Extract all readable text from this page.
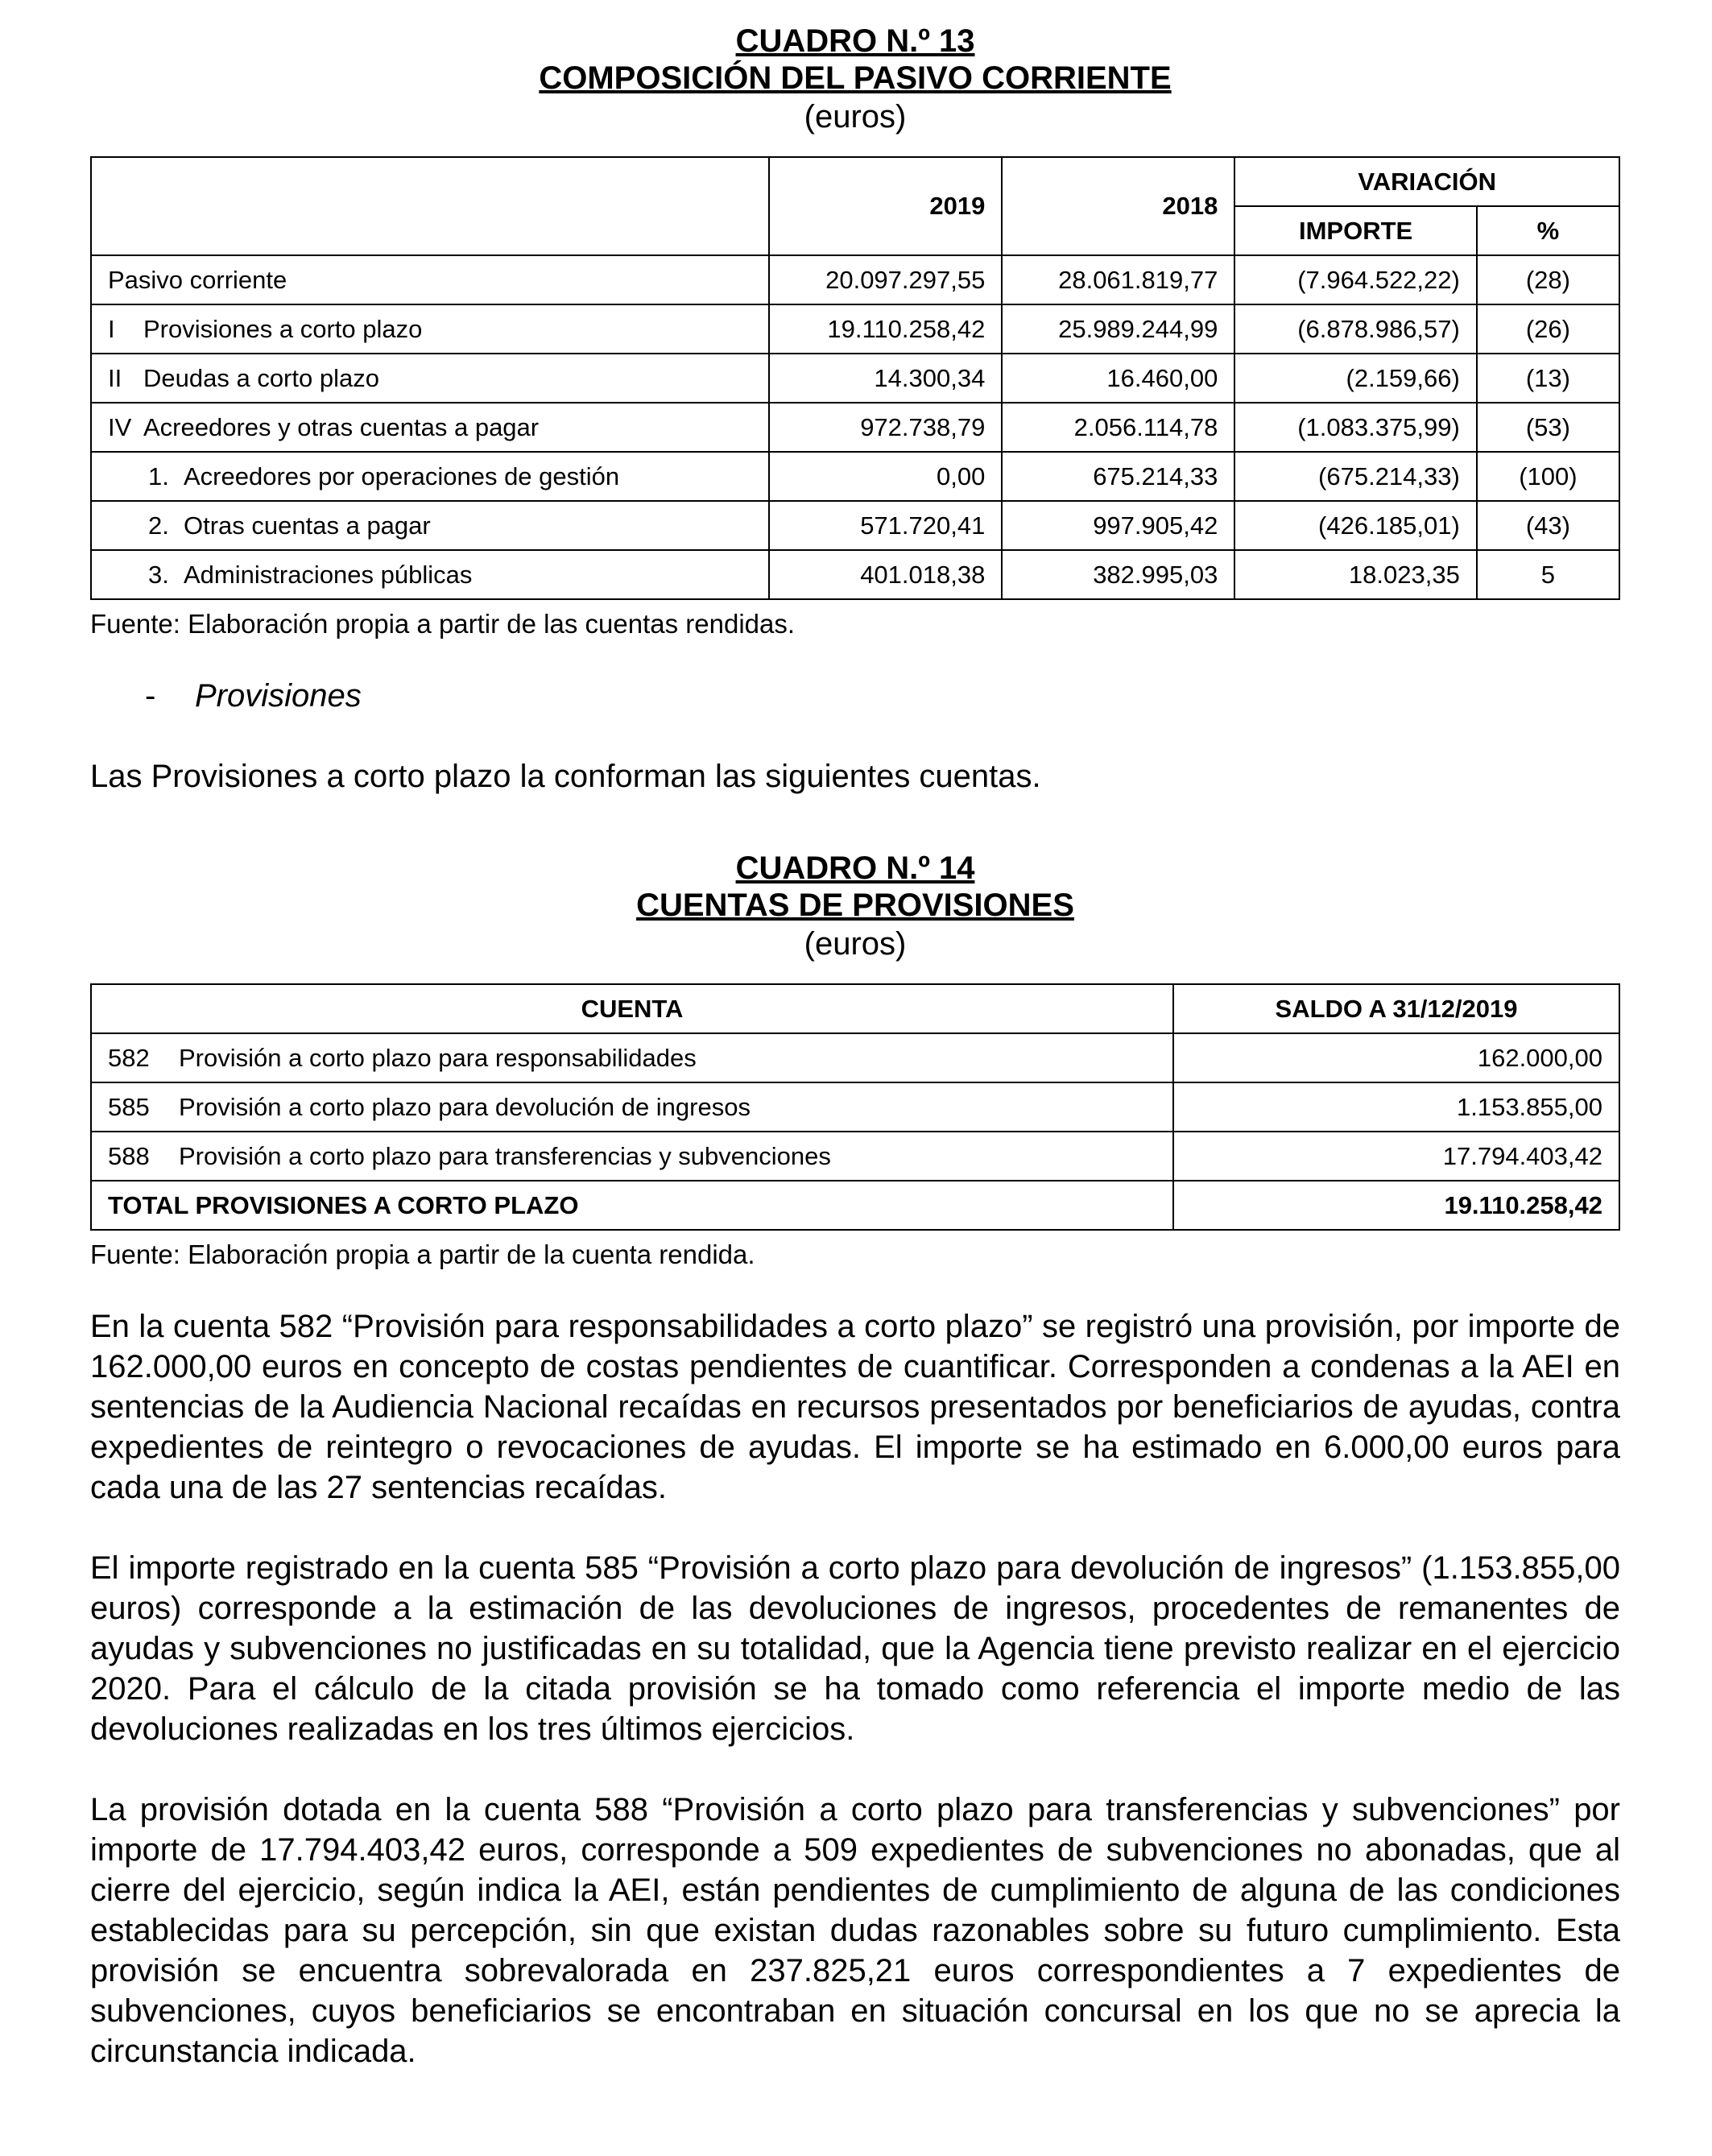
CUADRO N.º 13

COMPOSICIÓN DEL PASIVO CORRIENTE

(euros)

	2019	2018	VARIACIÓN	
			IMPORTE	%
Pasivo corriente	20.097.297,55	28.061.819,77	(7.964.522,22)	(28)
I Provisiones a corto plazo	19.110.258,42	25.989.244,99	(6.878.986,57)	(26)
II Deudas a corto plazo	14.300,34	16.460,00	(2.159,66)	(13)
IV Acreedores y otras cuentas a pagar	972.738,79	2.056.114,78	(1.083.375,99)	(53)
1. Acreedores por operaciones de gestión	0,00	675.214,33	(675.214,33)	(100)
2. Otras cuentas a pagar	571.720,41	997.905,42	(426.185,01)	(43)
3. Administraciones públicas	401.018,38	382.995,03	18.023,35	5

Fuente: Elaboración propia a partir de las cuentas rendidas.

- Provisiones

Las Provisiones a corto plazo la conforman las siguientes cuentas.

CUADRO N.º 14

CUENTAS DE PROVISIONES

(euros)

CUENTA	SALDO A 31/12/2019
582 Provisión a corto plazo para responsabilidades	162.000,00
585 Provisión a corto plazo para devolución de ingresos	1.153.855,00
588 Provisión a corto plazo para transferencias y subvenciones	17.794.403,42
TOTAL PROVISIONES A CORTO PLAZO	19.110.258,42

Fuente: Elaboración propia a partir de la cuenta rendida.

En la cuenta 582 “Provisión para responsabilidades a corto plazo” se registró una provisión, por importe de 162.000,00 euros en concepto de costas pendientes de cuantificar. Corresponden a condenas a la AEI en sentencias de la Audiencia Nacional recaídas en recursos presentados por beneficiarios de ayudas, contra expedientes de reintegro o revocaciones de ayudas. El importe se ha estimado en 6.000,00 euros para cada una de las 27 sentencias recaídas.

El importe registrado en la cuenta 585 “Provisión a corto plazo para devolución de ingresos” (1.153.855,00 euros) corresponde a la estimación de las devoluciones de ingresos, procedentes de remanentes de ayudas y subvenciones no justificadas en su totalidad, que la Agencia tiene previsto realizar en el ejercicio 2020. Para el cálculo de la citada provisión se ha tomado como referencia el importe medio de las devoluciones realizadas en los tres últimos ejercicios.

La provisión dotada en la cuenta 588 “Provisión a corto plazo para transferencias y subvenciones” por importe de 17.794.403,42 euros, corresponde a 509 expedientes de subvenciones no abonadas, que al cierre del ejercicio, según indica la AEI, están pendientes de cumplimiento de alguna de las condiciones establecidas para su percepción, sin que existan dudas razonables sobre su futuro cumplimiento. Esta provisión se encuentra sobrevalorada en 237.825,21 euros correspondientes a 7 expedientes de subvenciones, cuyos beneficiarios se encontraban en situación concursal en los que no se aprecia la circunstancia indicada.
